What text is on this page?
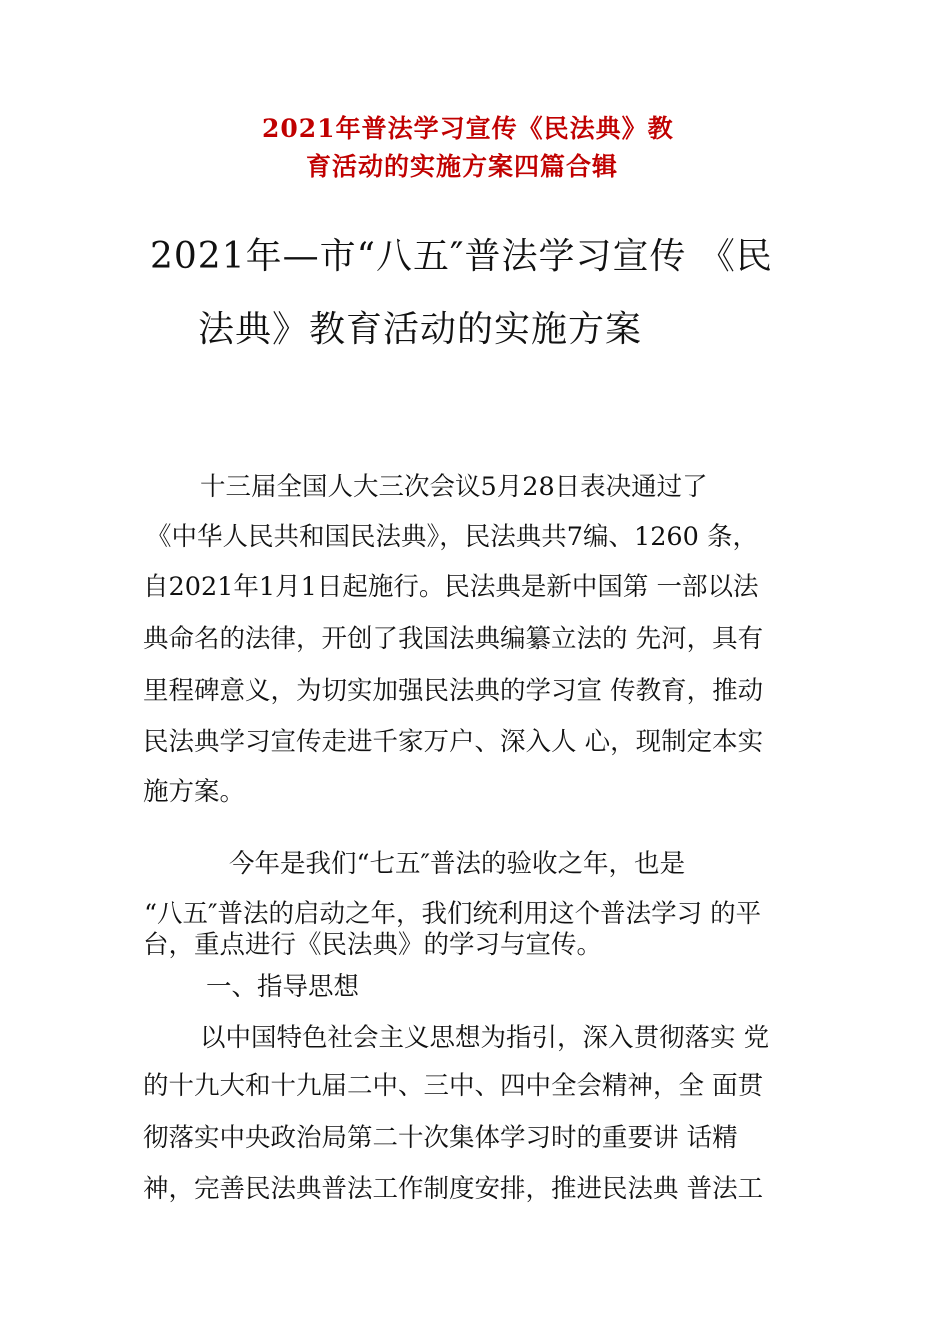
2021年普法学习宣传《民法典》教
育活动的实施方案四篇合辑
2021年—市“八五″普法学习宣传 《民
法典》教育活动的实施方案
十三届全国人大三次会议5月28日表决通过了
《中华人民共和国民法典》，民法典共7编、1260 条，
自2021年1月1日起施行。民法典是新中国第 一部以法
典命名的法律，开创了我国法典编纂立法的 先河，具有
里程碑意义，为切实加强民法典的学习宣 传教育，推动
民法典学习宣传走进千家万户、深入人 心，现制定本实
施方案。
今年是我们“七五″普法的验收之年，也是
“八五″普法的启动之年，我们统利用这个普法学习 的平
台，重点进行《民法典》的学习与宣传。
一、指导思想
以中国特色社会主义思想为指引，深入贯彻落实 党
的十九大和十九届二中、三中、四中全会精神，全 面贯
彻落实中央政治局第二十次集体学习时的重要讲 话精
神，完善民法典普法工作制度安排，推进民法典 普法工
